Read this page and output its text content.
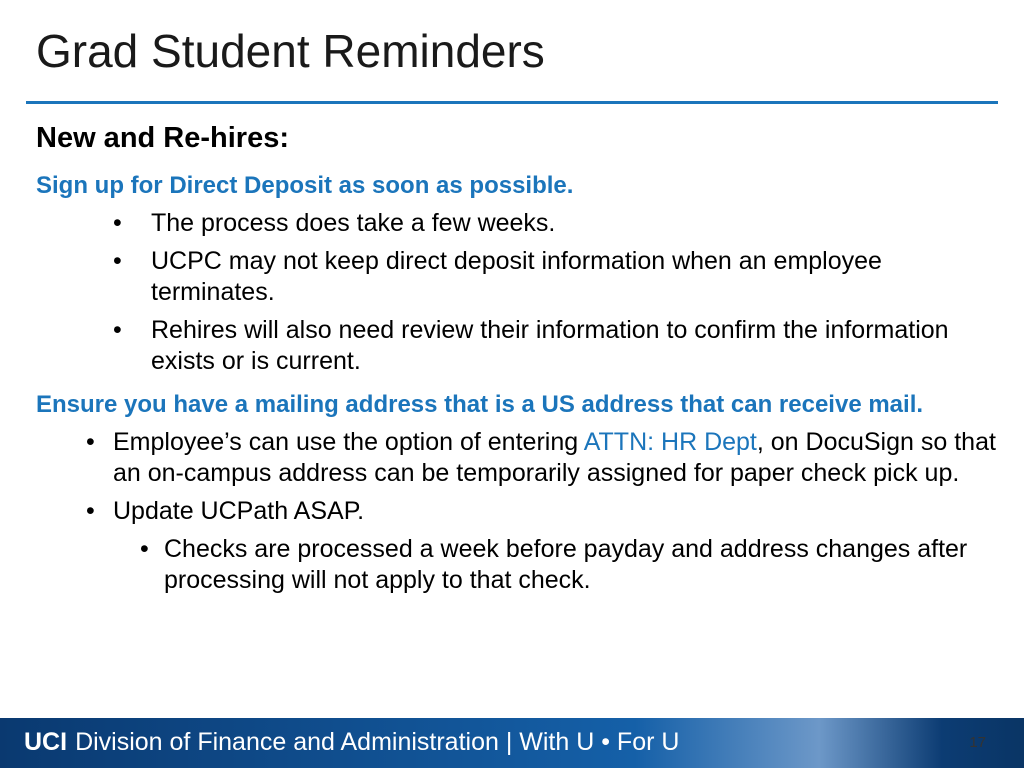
Grad Student Reminders

New and Re-hires:

Sign up for Direct Deposit as soon as possible.

• The process does take a few weeks.
• UCPC may not keep direct deposit information when an employee terminates.
• Rehires will also need review their information to confirm the information exists or is current.

Ensure you have a mailing address that is a US address that can receive mail.

• Employee’s can use the option of entering ATTN: HR Dept, on DocuSign so that an on-campus address can be temporarily assigned for paper check pick up.
• Update UCPath ASAP.
• Checks are processed a week before payday and address changes after processing will not apply to that check.
UCI Division of Finance and Administration | With U • For U	17
